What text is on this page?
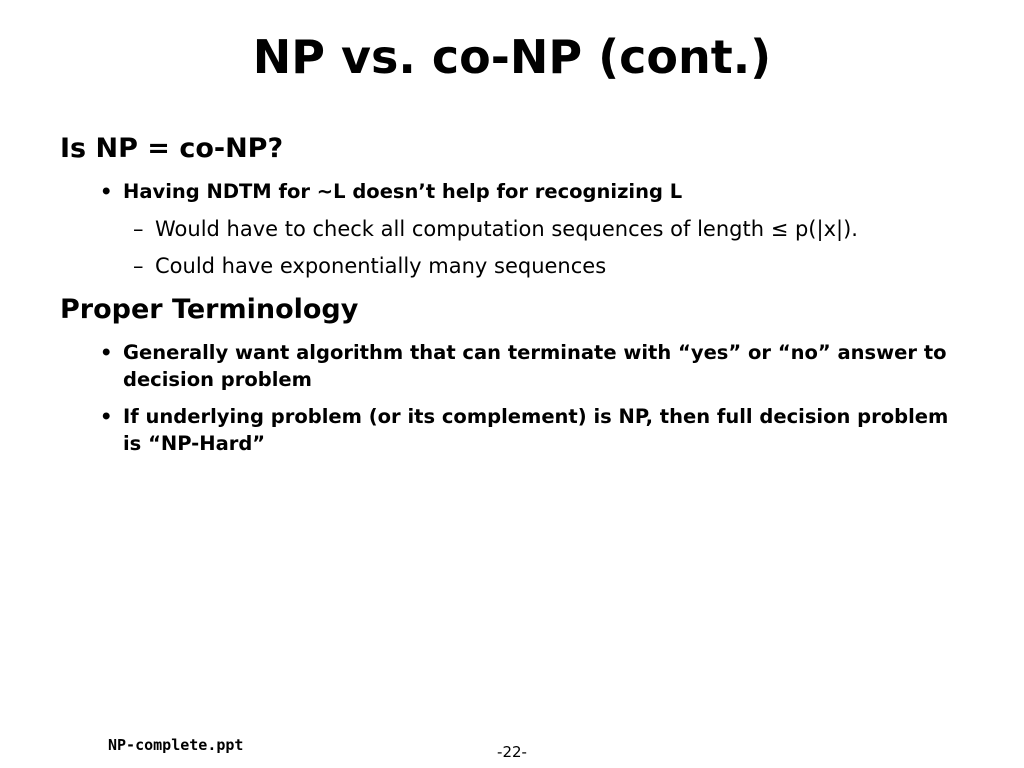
NP vs. co-NP (cont.)
Is NP = co-NP?
• Having NDTM for ~L doesn’t help for recognizing L
– Would have to check all computation sequences of length ≤ p(|x|).
– Could have exponentially many sequences
Proper Terminology
• Generally want algorithm that can terminate with “yes” or “no” answer to decision problem
• If underlying problem (or its complement) is NP, then full decision problem is “NP-Hard”
NP-complete.ppt	-22-
